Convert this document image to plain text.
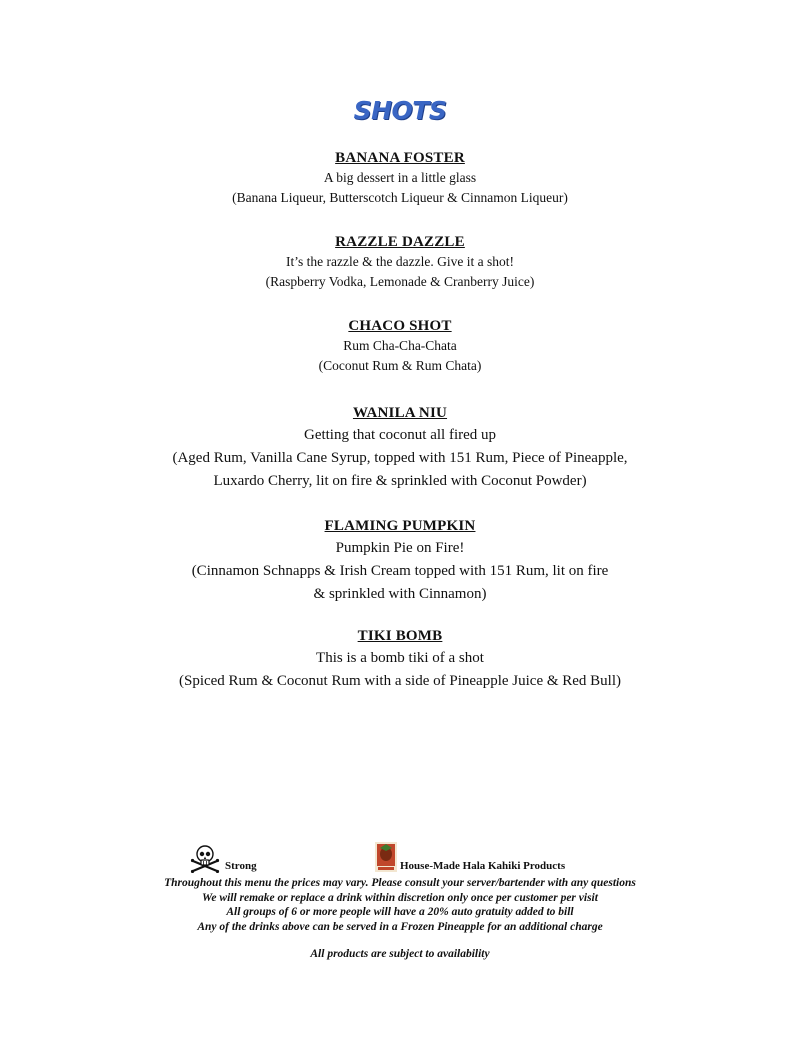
SHOTS
BANANA FOSTER
A big dessert in a little glass
(Banana Liqueur, Butterscotch Liqueur & Cinnamon Liqueur)
RAZZLE DAZZLE
It’s the razzle & the dazzle. Give it a shot!
(Raspberry Vodka, Lemonade & Cranberry Juice)
CHACO SHOT
Rum Cha-Cha-Chata
(Coconut Rum & Rum Chata)
WANILA NIU
Getting that coconut all fired up
(Aged Rum, Vanilla Cane Syrup, topped with 151 Rum, Piece of Pineapple,
Luxardo Cherry, lit on fire & sprinkled with Coconut Powder)
FLAMING PUMPKIN
Pumpkin Pie on Fire!
(Cinnamon Schnapps & Irish Cream topped with 151 Rum, lit on fire
& sprinkled with Cinnamon)
TIKI BOMB
This is a bomb tiki of a shot
(Spiced Rum & Coconut Rum with a side of Pineapple Juice & Red Bull)
Strong	House-Made Hala Kahiki Products
Throughout this menu the prices may vary. Please consult your server/bartender with any questions
We will remake or replace a drink within discretion only once per customer per visit
All groups of 6 or more people will have a 20% auto gratuity added to bill
Any of the drinks above can be served in a Frozen Pineapple for an additional charge
All products are subject to availability
